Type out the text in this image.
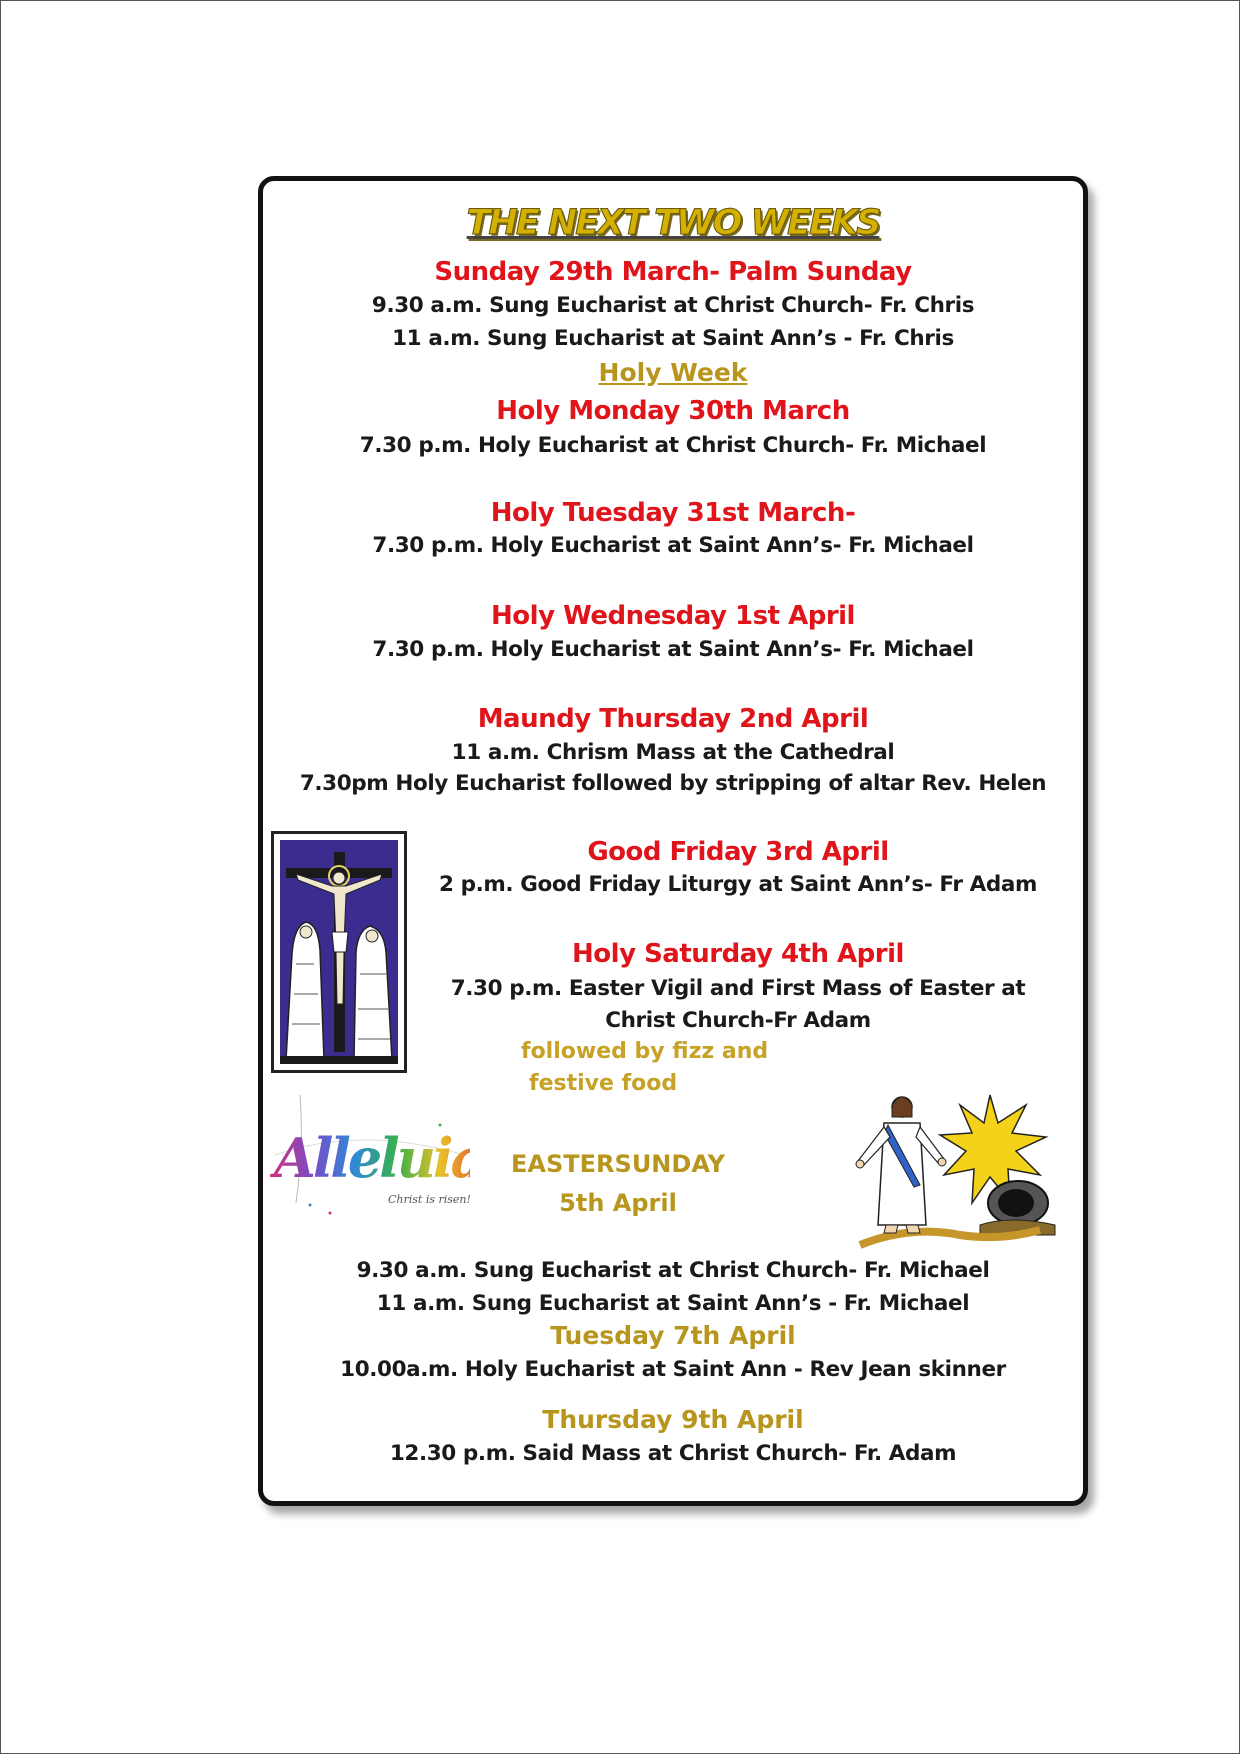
THE NEXT TWO WEEKS
Sunday 29th March- Palm Sunday
9.30 a.m. Sung Eucharist at Christ Church- Fr. Chris
11 a.m. Sung Eucharist at Saint Ann’s - Fr. Chris
Holy Week
Holy Monday 30th March
7.30 p.m. Holy Eucharist at Christ Church- Fr. Michael
Holy Tuesday 31st March-
7.30 p.m. Holy Eucharist at Saint Ann’s- Fr. Michael
Holy Wednesday 1st April
7.30 p.m. Holy Eucharist at Saint Ann’s- Fr. Michael
Maundy Thursday 2nd April
11 a.m. Chrism Mass at the Cathedral
7.30pm Holy Eucharist followed by stripping of altar Rev. Helen
Good Friday 3rd April
2 p.m. Good Friday Liturgy at Saint Ann’s- Fr Adam
Holy Saturday 4th April
7.30 p.m. Easter Vigil and First Mass of Easter at
Christ Church-Fr Adam
followed by fizz and
festive food
EASTERSUNDAY
5th April
9.30 a.m. Sung Eucharist at Christ Church- Fr. Michael
11 a.m. Sung Eucharist at Saint Ann’s - Fr. Michael
Tuesday 7th April
10.00a.m. Holy Eucharist at Saint Ann - Rev Jean skinner
Thursday 9th April
12.30 p.m. Said Mass at Christ Church- Fr. Adam
Alleluia
Christ is risen!
